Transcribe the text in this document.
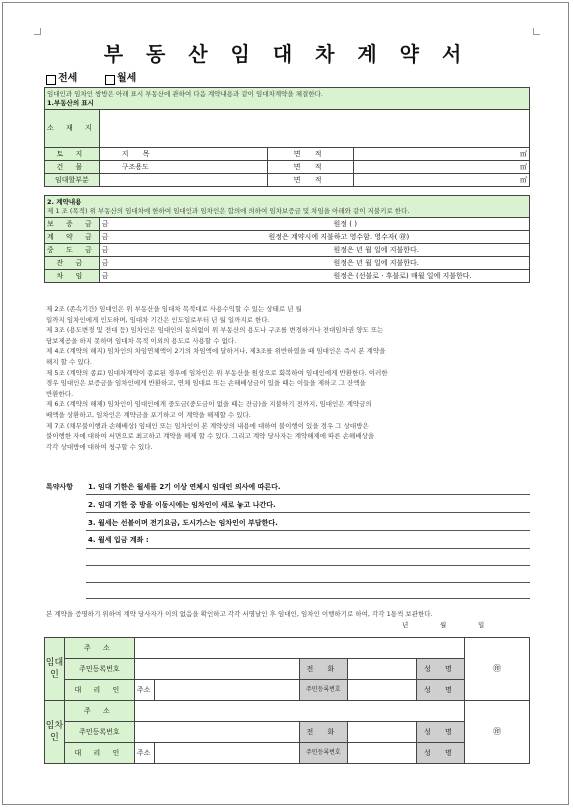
부 동 산 임 대 차 계 약 서
전세	월세
임대인과 임차인 쌍방은 아래 표시 부동산에 관하여 다음 계약내용과 같이 임대차계약을 체결한다.
1.부동산의 표시			
소 재 지			
토 지	지 목	면 적	㎡
건 물	구조용도	면 적	㎡
임대할부분		면 적	㎡
2. 계약내용
제 1 조 (목적) 위 부동산의 임대차에 한하여 임대인과 임차인은 합의에 의하여 임차보증금 및 차임을 아래와 같이 지불키로 한다.	
보 증 금	금 원정 ( )
계 약 금	금 원정은 계약시에 지불하고 영수함. 영수자( ㊞)
중 도 금	금 원정은 년 월 일에 지불한다.
잔 금	금 원정은 년 월 일에 지불한다.
차 임	금 원정은 (선불로 · 후불로) 매월 일에 지불한다.
제 2조 (존속기간) 임대인은 위 부동산을 임대차 목적대로 사용수익할 수 있는 상태로 년 월
일까지 임차인에게 인도하며, 임대차 기간은 인도일로부터 년 월 일까지로 한다.
제 3조 (용도변경 및 전대 등) 임차인은 임대인의 동의없이 위 부동산의 용도나 구조를 변경하거나 전대임차권 양도 또는
담보제공을 하지 못하며 임대차 목적 이외의 용도로 사용할 수 없다.
제 4조 (계약의 해지) 임차인의 차임연체액이 2기의 차임액에 달하거나, 제3조를 위반하였을 때 임대인은 즉시 본 계약을
해지 할 수 있다.
제 5조 (계약의 종료) 임대차계약이 종료된 경우에 임차인은 위 부동산을 원상으로 회복하여 임대인에게 반환한다. 이러한
경우 임대인은 보증금을 임차인에게 반환하고, 연체 임대료 또는 손해배상금이 있을 때는 이들을 제하고 그 잔액을
반환한다.
제 6조 (계약의 해제) 임차인이 임대인에게 중도금(중도금이 없을 때는 잔금)을 지불하기 전까지, 임대인은 계약금의
배액을 상환하고, 임차인은 계약금을 포기하고 이 계약을 해제할 수 있다.
제 7조 (채무불이행과 손해배상) 임대인 또는 임차인이 본 계약상의 내용에 대하여 불이행이 있을 경우 그 상대방은
불이행한 자에 대하여 서면으로 최고하고 계약을 해제 할 수 있다. 그리고 계약 당사자는 계약해제에 따른 손해배상을
각각 상대방에 대하여 청구할 수 있다.
특약사항 1. 임대 기한은 월세를 2기 이상 연체시 임대인 의사에 따른다.
2. 임대 기한 중 방을 이동시에는 임차인이 새로 놓고 나간다.
3. 월세는 선불이며 전기요금, 도시가스는 임차인이 부담한다.
4. 월세 입금 계좌 :
본 계약을 증명하기 위하여 계약 당사자가 이의 없음을 확인하고 각각 서명날인 후 임대인, 임차인 이행하기로 하여, 각각 1통씩 보관한다.
년	월	일
임대인	주 소						㊞
	주민등록번호			전 화		성 명	
	대 리 인	주소		주민등록번호		성 명	
임차인	주 소						㊞
	주민등록번호			전 화		성 명	
	대 리 인	주소		주민등록번호		성 명	
